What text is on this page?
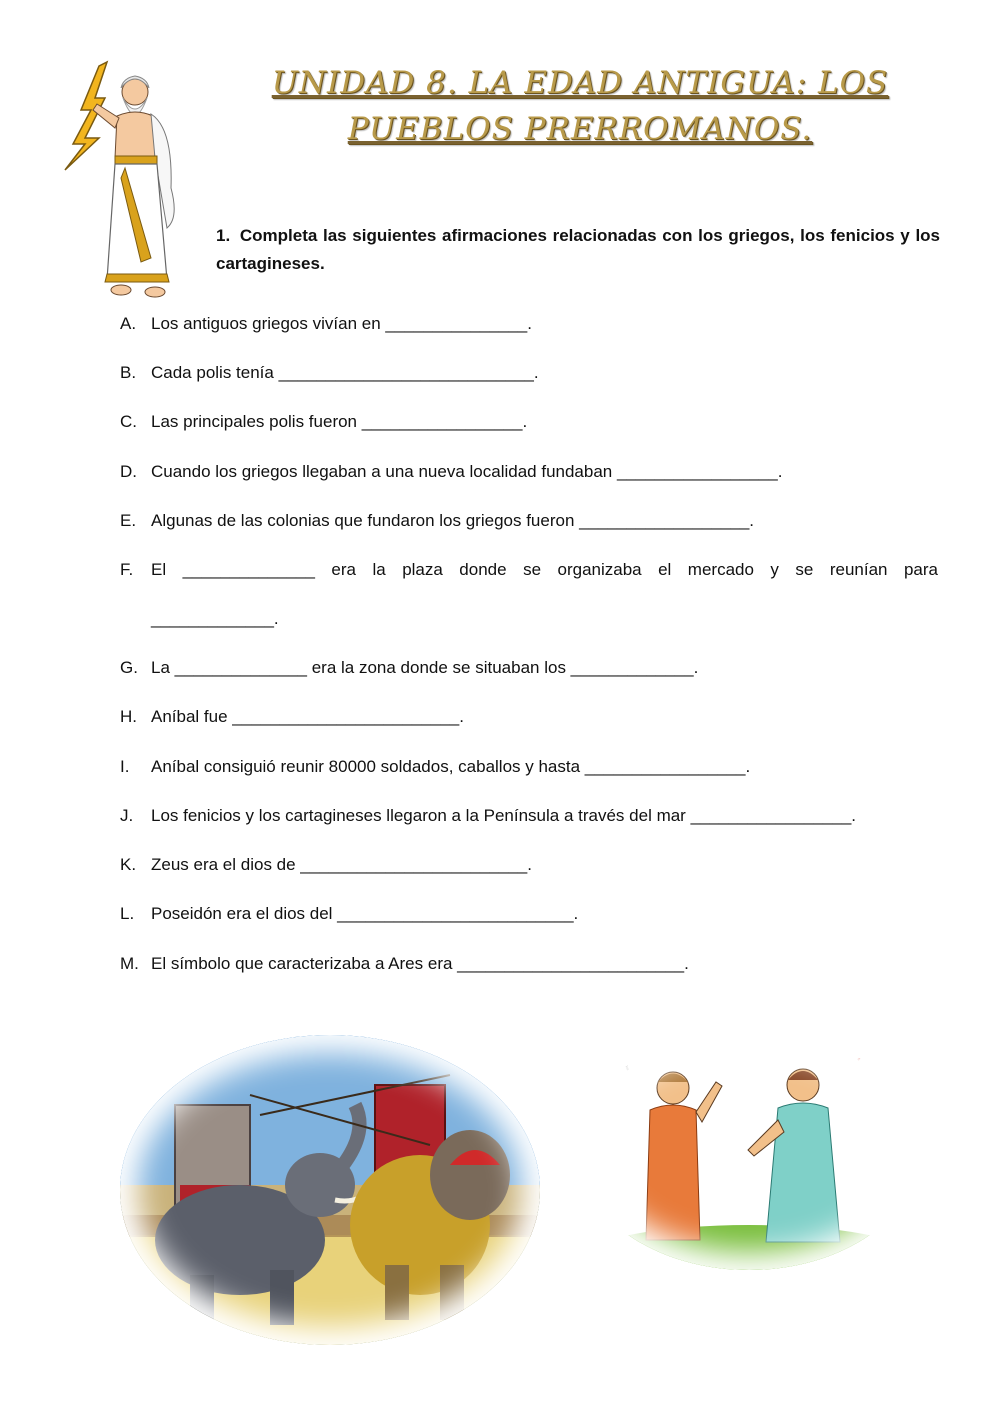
UNIDAD 8. LA EDAD ANTIGUA: LOS
PUEBLOS PRERROMANOS.
1. Completa las siguientes afirmaciones relacionadas con los griegos, los fenicios y los cartagineses.
A. Los antiguos griegos vivían en _______________.
B. Cada polis tenía ___________________________.
C. Las principales polis fueron _________________.
D. Cuando los griegos llegaban a una nueva localidad fundaban _________________.
E. Algunas de las colonias que fundaron los griegos fueron __________________.
F.	El ______________ era la plaza donde se organizaba el mercado y se reunían para
_____________.
G. La ______________ era la zona donde se situaban los _____________.
H. Aníbal fue ________________________.
I.	Aníbal consiguió reunir 80000 soldados, caballos y hasta _________________.
J.	Los fenicios y los cartagineses llegaron a la Península a través del mar _________________.
K. Zeus era el dios de ________________________.
L. Poseidón era el dios del _________________________.
M. El símbolo que caracterizaba a Ares era ________________________.
